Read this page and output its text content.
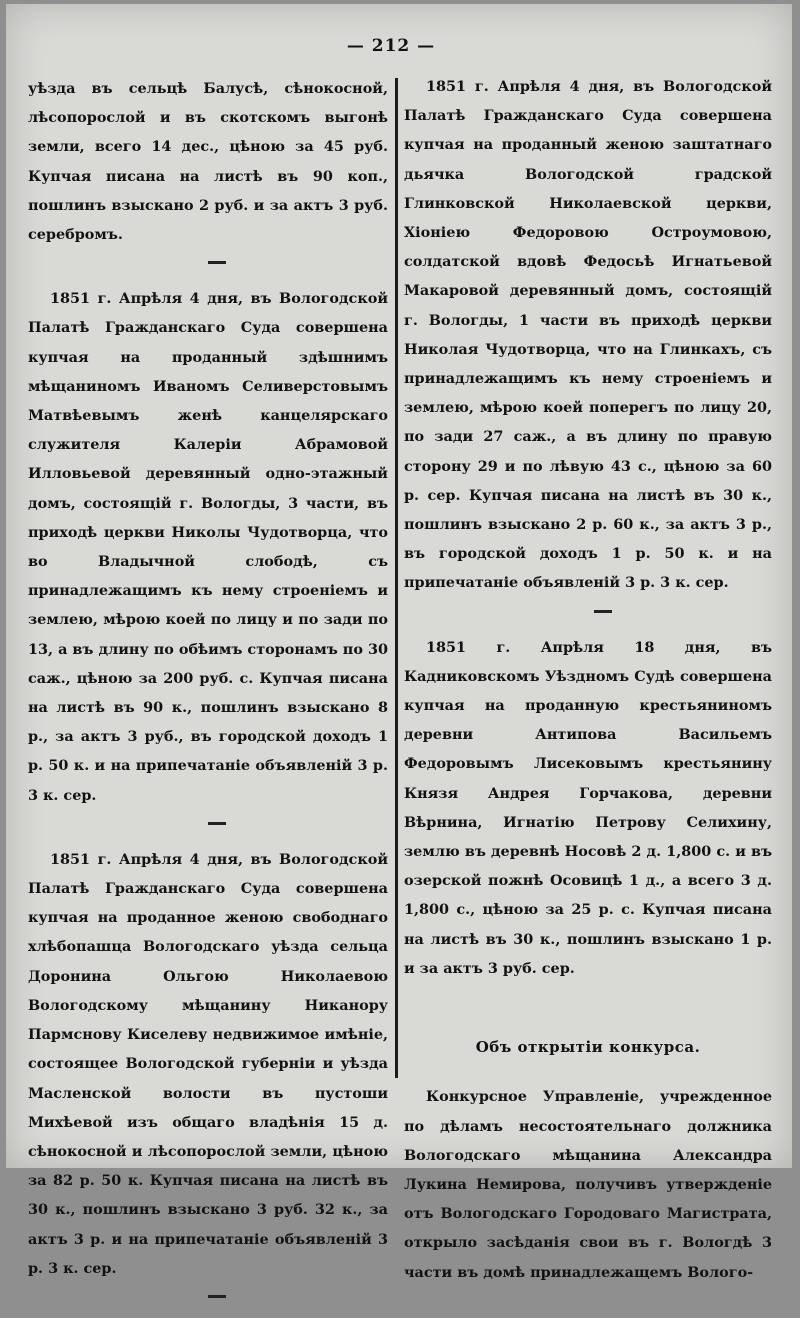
— 212 —

уѣзда въ сельцѣ Балусѣ, сѣнокосной, лѣсопорослой и въ скотскомъ выгонѣ земли, всего 14 дес., цѣною за 45 руб. Купчая писана на листѣ въ 90 коп., пошлинъ взыскано 2 руб. и за актъ 3 руб. серебромъ.

1851 г. Апрѣля 4 дня, въ Вологодской Палатѣ Гражданскаго Суда совершена купчая на проданный здѣшнимъ мѣщаниномъ Иваномъ Селиверстовымъ Матвѣевымъ женѣ канцелярскаго служителя Калеріи Абрамовой Илловьевой деревянный одно-этажный домъ, состоящій г. Вологды, 3 части, въ приходѣ церкви Николы Чудотворца, что во Владычной слободѣ, съ принадлежащимъ къ нему строеніемъ и землею, мѣрою коей по лицу и по зади по 13, а въ длину по обѣимъ сторонамъ по 30 саж., цѣною за 200 руб. с. Купчая писана на листѣ въ 90 к., пошлинъ взыскано 8 р., за актъ 3 руб., въ городской доходъ 1 р. 50 к. и на припечатаніе объявленій 3 р. 3 к. сер.

1851 г. Апрѣля 4 дня, въ Вологодской Палатѣ Гражданскаго Суда совершена купчая на проданное женою свободнаго хлѣбопашца Вологодскаго уѣзда сельца Доронина Ольгою Николаевою Вологодскому мѣщанину Никанору Пармснову Киселеву недвижимое имѣніе, состоящее Вологодской губерніи и уѣзда Масленской волости въ пустоши Михѣевой изъ общаго владѣнія 15 д. сѣнокосной и лѣсопорослой земли, цѣною за 82 р. 50 к. Купчая писана на листѣ въ 30 к., пошлинъ взыскано 3 руб. 32 к., за актъ 3 р. и на припечатаніе объявленій 3 р. 3 к. сер.

1851 г. Апрѣля 4 дня, въ Вологодской Палатѣ Гражданскаго Суда совершена купчая на проданный женою заштатнаго дьячка Вологодской градской Глинковской Николаевской церкви, Хіоніею Федоровою Остроумовою, солдатской вдовѣ Федосьѣ Игнатьевой Макаровой деревянный домъ, состоящій г. Вологды, 1 части въ приходѣ церкви Николая Чудотворца, что на Глинкахъ, съ принадлежащимъ къ нему строеніемъ и землею, мѣрою коей поперегъ по лицу 20, по зади 27 саж., а въ длину по правую сторону 29 и по лѣвую 43 с., цѣною за 60 р. сер. Купчая писана на листѣ въ 30 к., пошлинъ взыскано 2 р. 60 к., за актъ 3 р., въ городской доходъ 1 р. 50 к. и на припечатаніе объявленій 3 р. 3 к. сер.

1851 г. Апрѣля 18 дня, въ Кадниковскомъ Уѣздномъ Судѣ совершена купчая на проданную крестьяниномъ деревни Антипова Васильемъ Федоровымъ Лисековымъ крестьянину Князя Андрея Горчакова, деревни Вѣрнина, Игнатію Петрову Селихину, землю въ деревнѣ Носовѣ 2 д. 1,800 с. и въ озерской пожнѣ Осовицѣ 1 д., а всего 3 д. 1,800 с., цѣною за 25 р. с. Купчая писана на листѣ въ 30 к., пошлинъ взыскано 1 р. и за актъ 3 руб. сер.

Объ открытіи конкурса.

Конкурсное Управленіе, учрежденное по дѣламъ несостоятельнаго должника Вологодскаго мѣщанина Александра Лукина Немирова, получивъ утвержденіе отъ Вологодскаго Городоваго Магистрата, открыло засѣданія свои въ г. Вологдѣ 3 части въ домѣ принадлежащемъ Волого-
